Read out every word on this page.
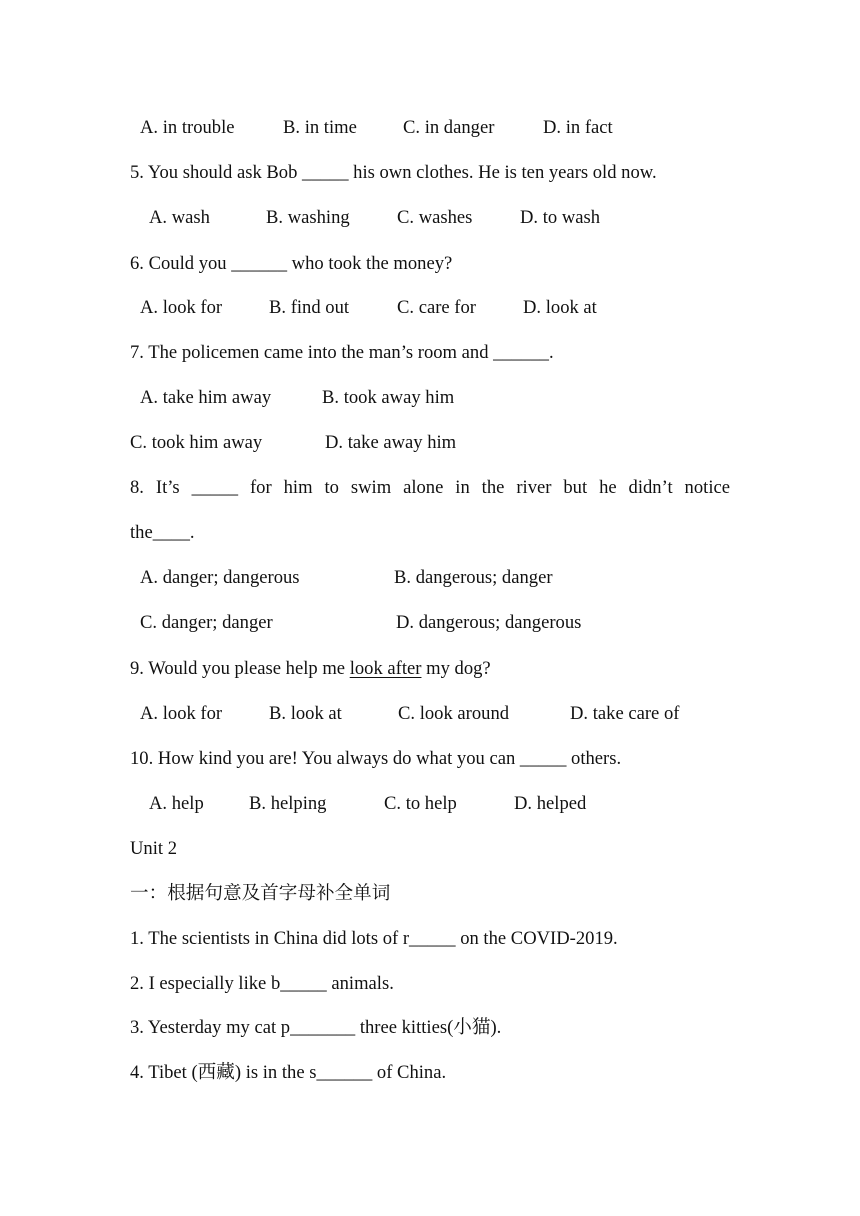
A. in trouble	B. in time C. in danger	D. in fact
5. You should ask Bob _____ his own clothes. He is ten years old now.
A. wash	B. washing	C. washes	D. to wash
6. Could you ______ who took the money?
A. look for	B. find out	C. care for	D. look at
7. The policemen came into the man’s room and ______.
A. take him away	B. took away him
C. took him away	D. take away him
8. It’s _____ for him to swim alone in the river but he didn’t notice
the____.
A. danger; dangerous	B. dangerous; danger
C. danger; danger	D. dangerous; dangerous
9. Would you please help me look after my dog?
A. look for	B. look at	C. look around	D. take care of
10. How kind you are! You always do what you can _____ others.
A. help B. helping	C. to help	D. helped
Unit 2
一：根据句意及首字母补全单词
1. The scientists in China did lots of r_____ on the COVID-2019.
2. I especially like b_____ animals.
3. Yesterday my cat p_______ three kitties(小猫).
4. Tibet (西藏) is in the s______ of China.
